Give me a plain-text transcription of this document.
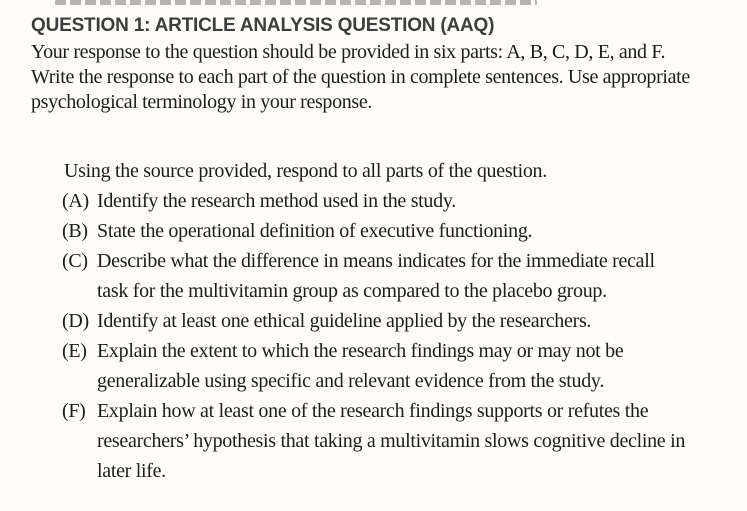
QUESTION 1: ARTICLE ANALYSIS QUESTION (AAQ)
Your response to the question should be provided in six parts: A, B, C, D, E, and F.
Write the response to each part of the question in complete sentences. Use appropriate
psychological terminology in your response.
Using the source provided, respond to all parts of the question.
(A) Identify the research method used in the study.
(B) State the operational definition of executive functioning.
(C) Describe what the difference in means indicates for the immediate recall
task for the multivitamin group as compared to the placebo group.
(D) Identify at least one ethical guideline applied by the researchers.
(E) Explain the extent to which the research findings may or may not be
generalizable using specific and relevant evidence from the study.
(F) Explain how at least one of the research findings supports or refutes the
researchers’ hypothesis that taking a multivitamin slows cognitive decline in
later life.
